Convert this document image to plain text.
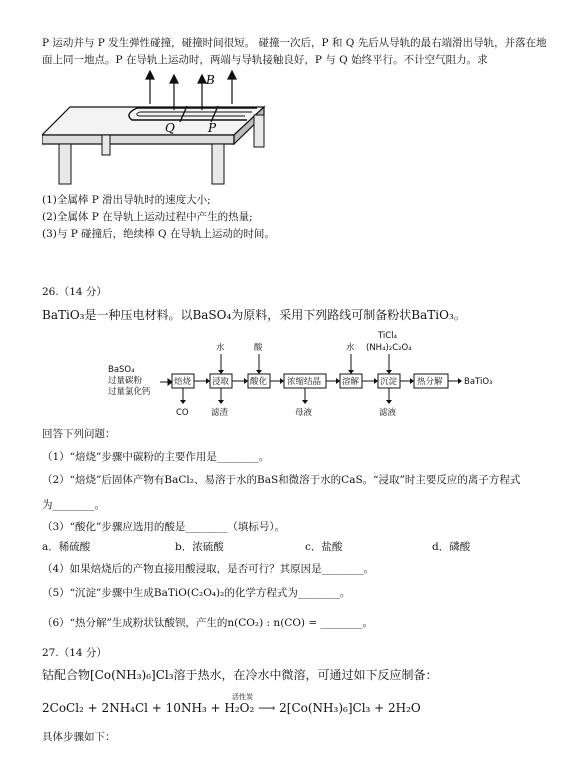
P 运动并与 P 发生弹性碰撞，碰撞时间很短。 碰撞一次后，P 和 Q 先后从导轨的最右端滑出导轨，并落在地
面上同一地点。P 在导轨上运动时，两端与导轨接触良好，P 与 Q 始终平行。不计空气阻力。求
B
Q	P
(1)全属棒 P 滑出导轨时的速度大小;
(2)全属体 P 在导轨上运动过程中产生的热量;
(3)与 P 碰撞后，绝续棒 Q 在导轨上运动的时间。
26.（14 分）
BaTiO₃是一种压电材料。以BaSO₄为原料，采用下列路线可制备粉状BaTiO₃。
BaSO₄
过量碳粉
过量氯化钙
焙烧 浸取 酸化 浓缩结晶 溶解 沉淀 热分解	BaTiO₃
水	酸	水
TiCl₄
(NH₄)₂C₂O₄
CO	滤渣	母液	滤液
回答下列问题：
（1）“焙烧”步骤中碳粉的主要作用是________。
（2）“焙烧”后固体产物有BaCl₂、易溶于水的BaS和微溶于水的CaS。“浸取”时主要反应的离子方程式
为________。
（3）“酸化”步骤应选用的酸是________（填标号）。
a．稀硫酸	b．浓硫酸	c．盐酸	d．磷酸
（4）如果焙烧后的产物直接用酸浸取，是否可行？其原因是________。
（5）“沉淀”步骤中生成BaTiO(C₂O₄)₂的化学方程式为________。
（6）“热分解”生成粉状钛酸钡，产生的n(CO₂) : n(CO) = ________。
27.（14 分）
钴配合物[Co(NH₃)₆]Cl₃溶于热水，在冷水中微溶，可通过如下反应制备：
活性炭
2CoCl₂ + 2NH₄Cl + 10NH₃ + H₂O₂ ⟶ 2[Co(NH₃)₆]Cl₃ + 2H₂O
具体步骤如下：
